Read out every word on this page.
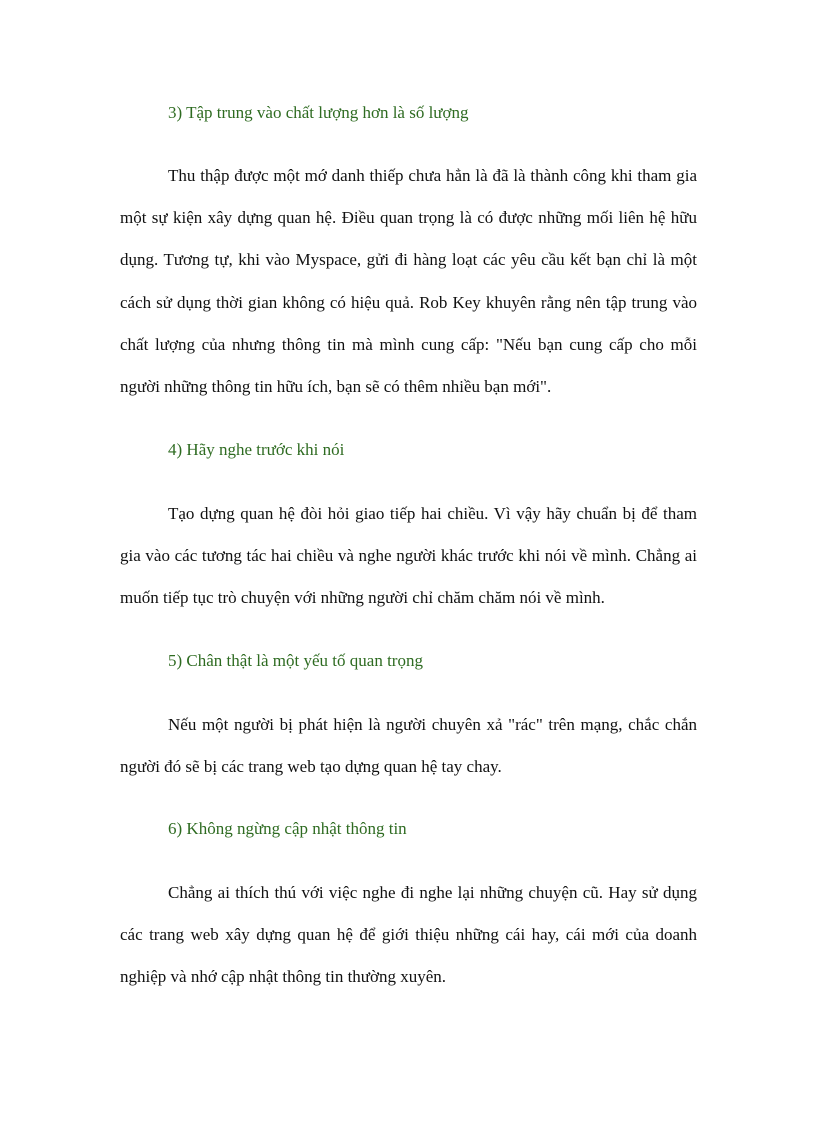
3) Tập trung vào chất lượng hơn là số lượng

Thu thập được một mớ danh thiếp chưa hẳn là đã là thành công khi tham gia một sự kiện xây dựng quan hệ. Điều quan trọng là có được những mối liên hệ hữu dụng. Tương tự, khi vào Myspace, gửi đi hàng loạt các yêu cầu kết bạn chỉ là một cách sử dụng thời gian không có hiệu quả. Rob Key khuyên rằng nên tập trung vào chất lượng của nhưng thông tin mà mình cung cấp: "Nếu bạn cung cấp cho mỗi người những thông tin hữu ích, bạn sẽ có thêm nhiều bạn mới".

4) Hãy nghe trước khi nói

Tạo dựng quan hệ đòi hỏi giao tiếp hai chiều. Vì vậy hãy chuẩn bị để tham gia vào các tương tác hai chiều và nghe người khác trước khi nói về mình. Chẳng ai muốn tiếp tục trò chuyện với những người chỉ chăm chăm nói về mình.

5) Chân thật là một yếu tố quan trọng

Nếu một người bị phát hiện là người chuyên xả "rác" trên mạng, chắc chắn người đó sẽ bị các trang web tạo dựng quan hệ tay chay.

6) Không ngừng cập nhật thông tin

Chẳng ai thích thú với việc nghe đi nghe lại những chuyện cũ. Hay sử dụng các trang web xây dựng quan hệ để giới thiệu những cái hay, cái mới của doanh nghiệp và nhớ cập nhật thông tin thường xuyên.
